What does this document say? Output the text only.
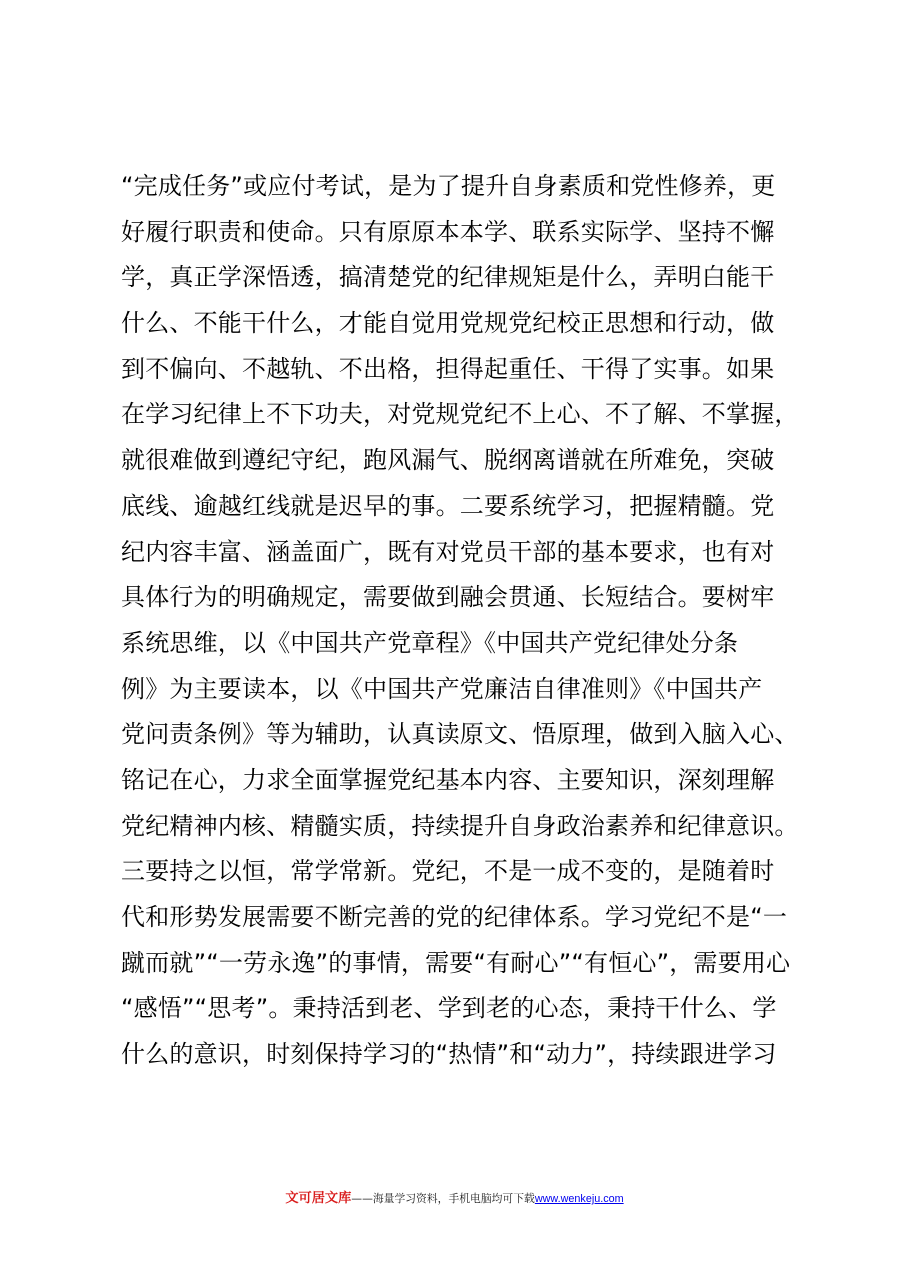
“完成任务”或应付考试，是为了提升自身素质和党性修养，更
好履行职责和使命。只有原原本本学、联系实际学、坚持不懈
学，真正学深悟透，搞清楚党的纪律规矩是什么，弄明白能干
什么、不能干什么，才能自觉用党规党纪校正思想和行动，做
到不偏向、不越轨、不出格，担得起重任、干得了实事。如果
在学习纪律上不下功夫，对党规党纪不上心、不了解、不掌握，
就很难做到遵纪守纪，跑风漏气、脱纲离谱就在所难免，突破
底线、逾越红线就是迟早的事。二要系统学习，把握精髓。党
纪内容丰富、涵盖面广，既有对党员干部的基本要求，也有对
具体行为的明确规定，需要做到融会贯通、长短结合。要树牢
系统思维，以《中国共产党章程》《中国共产党纪律处分条
例》为主要读本，以《中国共产党廉洁自律准则》《中国共产
党问责条例》等为辅助，认真读原文、悟原理，做到入脑入心、
铭记在心，力求全面掌握党纪基本内容、主要知识，深刻理解
党纪精神内核、精髓实质，持续提升自身政治素养和纪律意识。
三要持之以恒，常学常新。党纪，不是一成不变的，是随着时
代和形势发展需要不断完善的党的纪律体系。学习党纪不是“一
蹴而就”“一劳永逸”的事情，需要“有耐心”“有恒心”，需要用心
“感悟”“思考”。秉持活到老、学到老的心态，秉持干什么、学
什么的意识，时刻保持学习的“热情”和“动力”，持续跟进学习
文可居文库——海量学习资料，手机电脑均可下载www.wenkeju.com
